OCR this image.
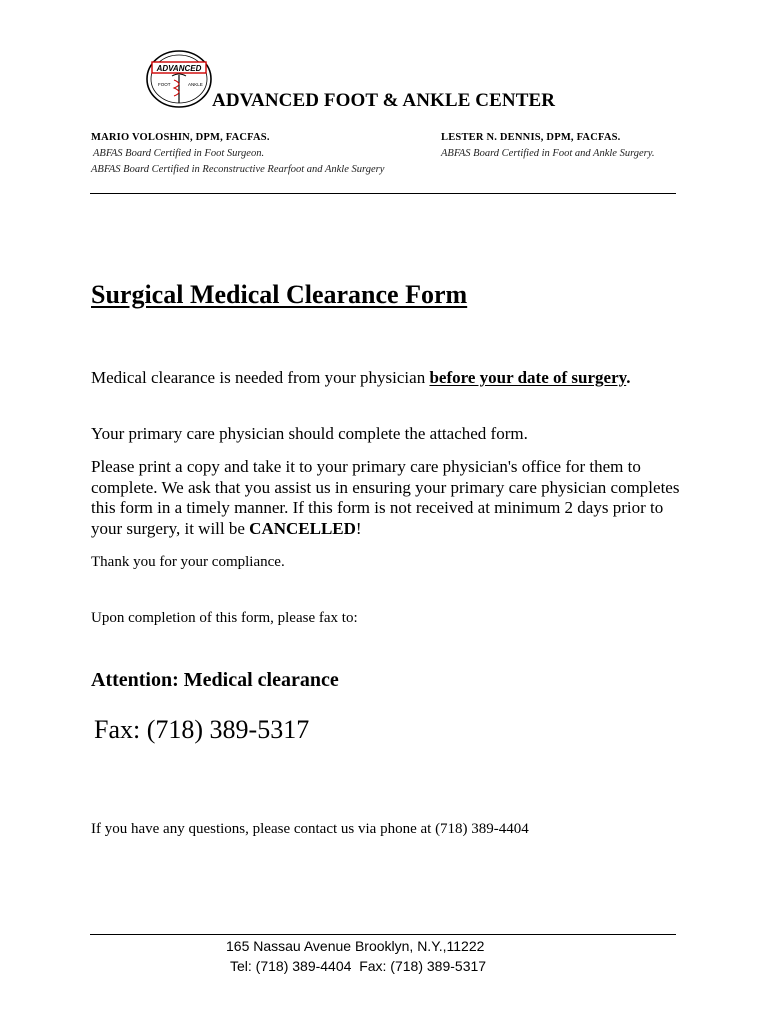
ADVANCED
FOOT	ANKLE
ADVANCED FOOT & ANKLE CENTER
MARIO VOLOSHIN, DPM, FACFAS.
ABFAS Board Certified in Foot Surgeon.
ABFAS Board Certified in Reconstructive Rearfoot and Ankle Surgery
LESTER N. DENNIS, DPM, FACFAS.
ABFAS Board Certified in Foot and Ankle Surgery.
Surgical Medical Clearance Form
Medical clearance is needed from your physician before your date of surgery.
Your primary care physician should complete the attached form.
Please print a copy and take it to your primary care physician's office for them to complete. We ask that you assist us in ensuring your primary care physician completes this form in a timely manner. If this form is not received at minimum 2 days prior to your surgery, it will be CANCELLED!
Thank you for your compliance.
Upon completion of this form, please fax to:
Attention: Medical clearance
Fax: (718) 389-5317
If you have any questions, please contact us via phone at (718) 389-4404
165 Nassau Avenue Brooklyn, N.Y.,11222
Tel: (718) 389-4404  Fax: (718) 389-5317
